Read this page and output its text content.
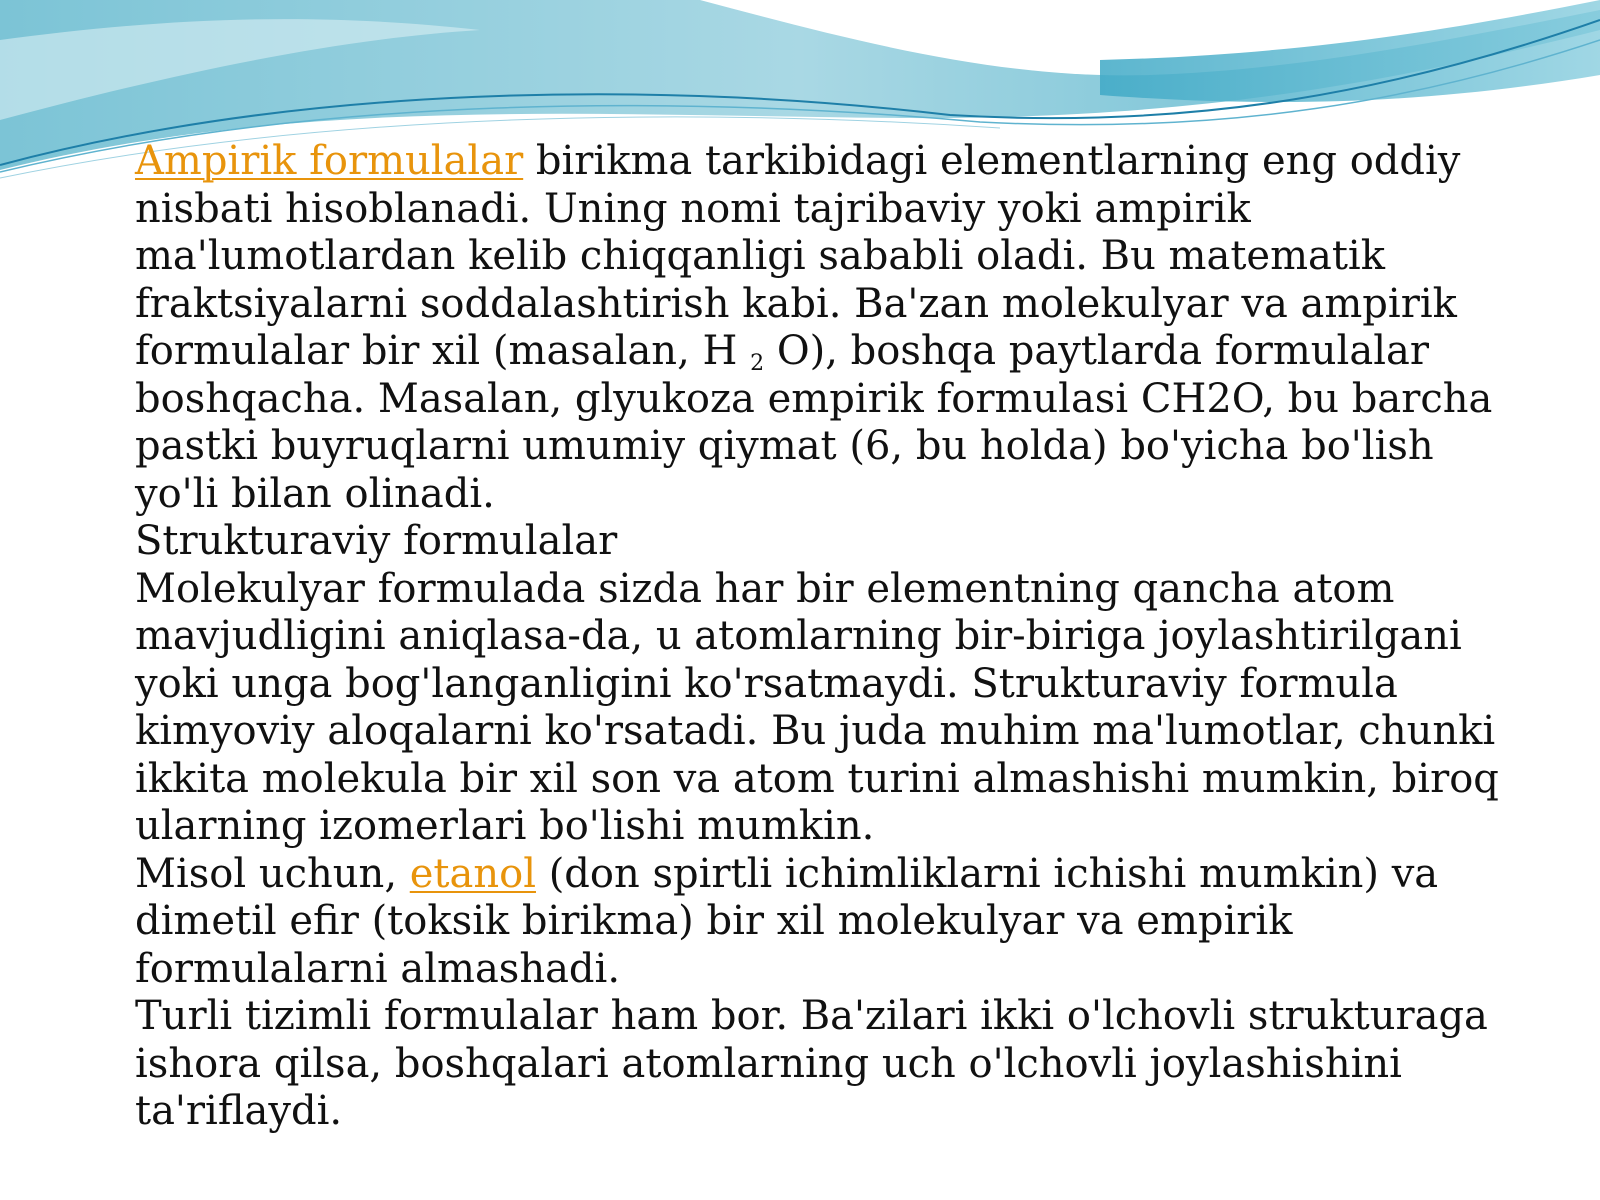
Ampirik formulalar birikma tarkibidagi elementlarning eng oddiy nisbati hisoblanadi. Uning nomi tajribaviy yoki ampirik ma'lumotlardan kelib chiqqanligi sababli oladi. Bu matematik fraktsiyalarni soddalashtirish kabi. Ba'zan molekulyar va ampirik formulalar bir xil (masalan, H $_2$ O), boshqa paytlarda formulalar boshqacha. Masalan, glyukoza empirik formulasi CH2O, bu barcha pastki buyruqlarni umumiy qiymat (6, bu holda) bo'yicha bo'lish yo'li bilan olinadi.

Strukturaviy formulalar

Molekulyar formulada sizda har bir elementning qancha atom mavjudligini aniqlasa-da, u atomlarning bir-biriga joylashtirilgani yoki unga bog'langanligini ko'rsatmaydi. Strukturaviy formula kimyoviy aloqalarni ko'rsatadi. Bu juda muhim ma'lumotlar, chunki ikkita molekula bir xil son va atom turini almashishi mumkin, biroq ularning izomerlari bo'lishi mumkin.

Misol uchun, etanol (don spirtli ichimliklarni ichishi mumkin) va dimetil efir (toksik birikma) bir xil molekulyar va empirik formulalarni almashadi.

Turli tizimli formulalar ham bor. Ba'zilari ikki o'lchovli strukturaga ishora qilsa, boshqalari atomlarning uch o'lchovli joylashishini ta'riflaydi.
